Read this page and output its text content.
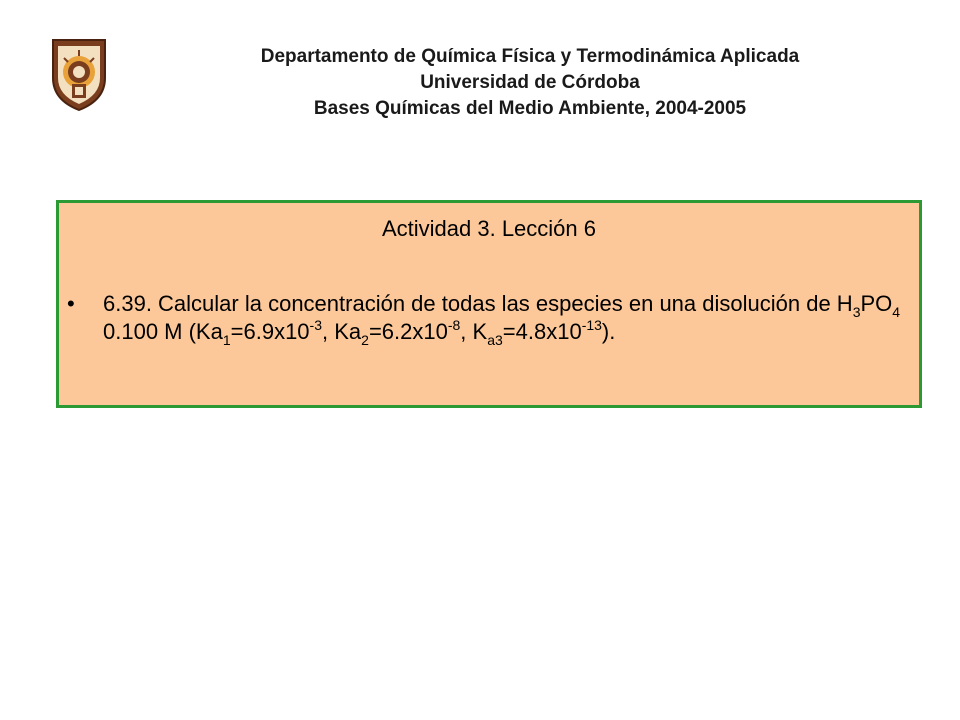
Departamento de Química Física y Termodinámica Aplicada
Universidad de Córdoba
Bases Químicas del Medio Ambiente, 2004-2005
Actividad 3. Lección 6
• 6.39. Calcular la concentración de todas las especies en una disolución de $H_3PO_4$ 0.100 M ($Ka_1=6.9x10^{-3}$, $Ka_2=6.2x10^{-8}$, $K_{a3}=4.8x10^{-13}$).
